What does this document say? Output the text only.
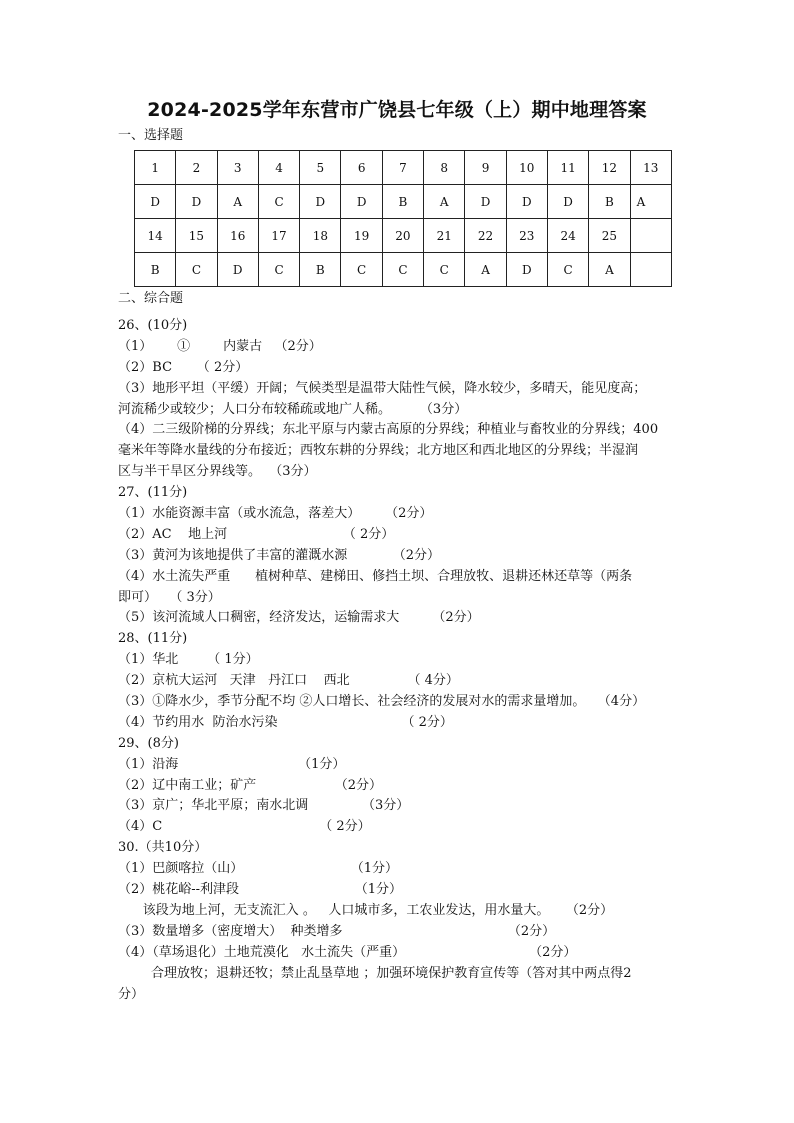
2024-2025学年东营市广饶县七年级（上）期中地理答案
一、选择题
1	2	3	4	5	6	7	8	9	10	11	12	13
D	D	A	C	D	D	B	A	D	D	D	B	A
14	15	16	17	18	19	20	21	22	23	24	25	
B	C	D	C	B	C	C	C	A	D	C	A	
二、综合题
26、(10分)
（1）      ①        内蒙古   （2分）
（2）BC      （ 2分）
（3）地形平坦（平缓）开阔；气候类型是温带大陆性气候，降水较少，多晴天，能见度高；
河流稀少或较少；人口分布较稀疏或地广人稀。       （3分）
（4）二三级阶梯的分界线；东北平原与内蒙古高原的分界线；种植业与畜牧业的分界线；400
毫米年等降水量线的分布接近；西牧东耕的分界线；北方地区和西北地区的分界线；半湿润
区与半干旱区分界线等。  （3分）
27、(11分)
（1）水能资源丰富（或水流急，落差大）      （2分）
（2）AC    地上河                            （ 2分）
（3）黄河为该地提供了丰富的灌溉水源           （2分）
（4）水土流失严重      植树种草、建梯田、修挡土坝、合理放牧、退耕还林还草等（两条
即可）   （ 3分）
（5）该河流域人口稠密，经济发达，运输需求大        （2分）
28、(11分)
（1）华北       （ 1分）
（2）京杭大运河   天津   丹江口    西北              （ 4分）
（3）①降水少，季节分配不均 ②人口增长、社会经济的发展对水的需求量增加。   （4分）
（4）节约用水  防治水污染                              （ 2分）
29、(8分)
（1）沿海                             （1分）
（2）辽中南工业；矿产                   （2分）
（3）京广；华北平原；南水北调             （3分）
（4）C                                      （ 2分）
30.（共10分）
（1）巴颜喀拉（山）                          （1分）
（2）桃花峪--利津段                            （1分）
该段为地上河，无支流汇入 。   人口城市多，工农业发达，用水量大。    （2分）
（3）数量增多（密度增大）  种类增多                                        （2分）
（4）（草场退化）土地荒漠化   水土流失（严重）                              （2分）
合理放牧；退耕还牧；禁止乱垦草地 ；加强环境保护教育宣传等（答对其中两点得2
分）
